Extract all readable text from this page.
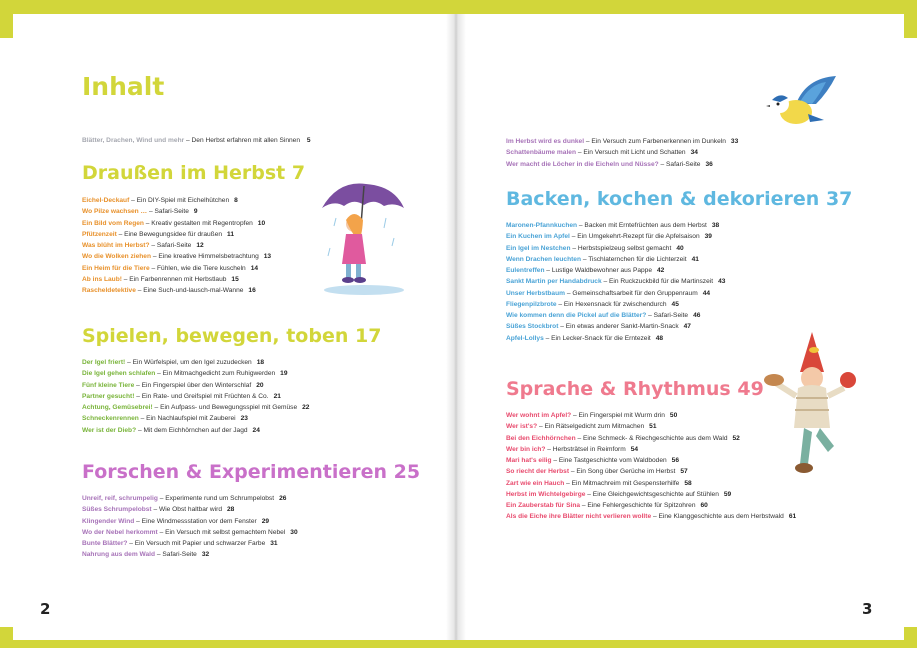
INHALT
Inhalt
Blätter, Drachen, Wind und mehr – Den Herbst erfahren mit allen Sinnen 5
Draußen im Herbst 7
Spielen, bewegen, toben 17
Forschen & Experimentieren 25
Backen, kochen & dekorieren 37
Sprache & Rhythmus 49
Eichel-Deckauf – Ein DIY-Spiel mit Eichelhütchen 8
Wo Pilze wachsen … – Safari-Seite 9
Ein Bild vom Regen – Kreativ gestalten mit Regentropfen 10
Pfützenzeit – Eine Bewegungsidee für draußen 11
Was blüht im Herbst? – Safari-Seite 12
Wo die Wolken ziehen – Eine kreative Himmelsbetrachtung 13
Ein Heim für die Tiere – Fühlen, wie die Tiere kuscheln 14
Ab ins Laub! – Ein Farbenrennen mit Herbstlaub 15
Rascheldetektive – Eine Such-und-lausch-mal-Wanne 16
Der Igel friert! – Ein Würfelspiel, um den Igel zuzudecken 18
Die Igel gehen schlafen – Ein Mitmachgedicht zum Ruhigwerden 19
Fünf kleine Tiere – Ein Fingerspiel über den Winterschlaf 20
Partner gesucht! – Ein Rate- und Greifspiel mit Früchten & Co. 21
Achtung, Gemüsebrei! – Ein Aufpass- und Bewegungsspiel mit Gemüse 22
Schneckenrennen – Ein Nachlaufspiel mit Zauberei 23
Wer ist der Dieb? – Mit dem Eichhörnchen auf der Jagd 24
Unreif, reif, schrumpelig – Experimente rund um Schrumpelobst 26
Süßes Schrumpelobst – Wie Obst haltbar wird 28
Klingender Wind – Eine Windmessstation vor dem Fenster 29
Wo der Nebel herkommt – Ein Versuch mit selbst gemachtem Nebel 30
Bunte Blätter? – Ein Versuch mit Papier und schwarzer Farbe 31
Nahrung aus dem Wald – Safari-Seite 32
Im Herbst wird es dunkel – Ein Versuch zum Farbenerkennen im Dunkeln 33
Schattenbäume malen – Ein Versuch mit Licht und Schatten 34
Wer macht die Löcher in die Eicheln und Nüsse? – Safari-Seite 36
Maronen-Pfannkuchen – Backen mit Erntefrüchten aus dem Herbst 38
Ein Kuchen im Apfel – Ein Umgekehrt-Rezept für die Apfelsaison 39
Ein Igel im Nestchen – Herbstspielzeug selbst gemacht 40
Wenn Drachen leuchten – Tischlaternchen für die Lichterzeit 41
Eulentreffen – Lustige Waldbewohner aus Pappe 42
Sankt Martin per Handabdruck – Ein Ruckzuckbild für die Martinszeit 43
Unser Herbstbaum – Gemeinschaftsarbeit für den Gruppenraum 44
Fliegenpilzbrote – Ein Hexensnack für zwischendurch 45
Wie kommen denn die Pickel auf die Blätter? – Safari-Seite 46
Süßes Stockbrot – Ein etwas anderer Sankt-Martin-Snack 47
Apfel-Lollys – Ein Lecker-Snack für die Erntezeit 48
Wer wohnt im Apfel? – Ein Fingerspiel mit Wurm drin 50
Wer ist's? – Ein Rätselgedicht zum Mitmachen 51
Bei den Eichhörnchen – Eine Schmeck- & Riechgeschichte aus dem Wald 52
Wer bin ich? – Herbsträtsel in Reimform 54
Mari hat's eilig – Eine Tastgeschichte vom Waldboden 56
So riecht der Herbst – Ein Song über Gerüche im Herbst 57
Zart wie ein Hauch – Ein Mitmachreim mit Gespensterhilfe 58
Herbst im Wichtelgebirge – Eine Gleichgewichtsgeschichte auf Stühlen 59
Ein Zauberstab für Sina – Eine Fehlergeschichte für Spitzohren 60
Als die Eiche ihre Blätter nicht verlieren wollte – Eine Klanggeschichte aus dem Herbstwald 61
2	3
